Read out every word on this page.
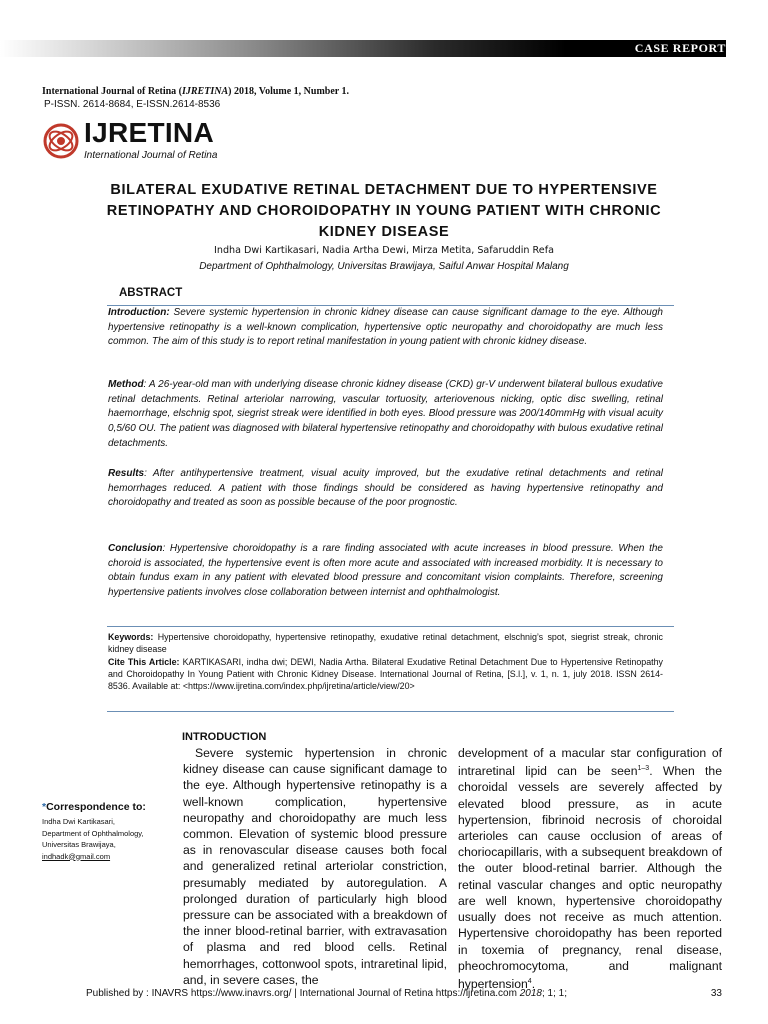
CASE REPORT
International Journal of Retina (IJRETINA) 2018, Volume 1, Number 1.
P-ISSN. 2614-8684, E-ISSN.2614-8536
IJRETINA
International Journal of Retina
BILATERAL EXUDATIVE RETINAL DETACHMENT DUE TO HYPERTENSIVE RETINOPATHY AND CHOROIDOPATHY IN YOUNG PATIENT WITH CHRONIC KIDNEY DISEASE
Indha Dwi Kartikasari, Nadia Artha Dewi, Mirza Metita, Safaruddin Refa
Department of Ophthalmology, Universitas Brawijaya, Saiful Anwar Hospital Malang
ABSTRACT
Introduction: Severe systemic hypertension in chronic kidney disease can cause significant damage to the eye. Although hypertensive retinopathy is a well-known complication, hypertensive optic neuropathy and choroidopathy are much less common. The aim of this study is to report retinal manifestation in young patient with chronic kidney disease.
Method: A 26-year-old man with underlying disease chronic kidney disease (CKD) gr-V underwent bilateral bullous exudative retinal detachments. Retinal arteriolar narrowing, vascular tortuosity, arteriovenous nicking, optic disc swelling, retinal haemorrhage, elschnig spot, siegrist streak were identified in both eyes. Blood pressure was 200/140mmHg with visual acuity 0,5/60 OU. The patient was diagnosed with bilateral hypertensive retinopathy and choroidopathy with bulous exudative retinal detachments.
Results: After antihypertensive treatment, visual acuity improved, but the exudative retinal detachments and retinal hemorrhages reduced. A patient with those findings should be considered as having hypertensive retinopathy and choroidopathy and treated as soon as possible because of the poor prognostic.
Conclusion: Hypertensive choroidopathy is a rare finding associated with acute increases in blood pressure. When the choroid is associated, the hypertensive event is often more acute and associated with increased morbidity. It is necessary to obtain fundus exam in any patient with elevated blood pressure and concomitant vision complaints. Therefore, screening hypertensive patients involves close collaboration between internist and ophthalmologist.
Keywords: Hypertensive choroidopathy, hypertensive retinopathy, exudative retinal detachment, elschnig’s spot, siegrist streak, chronic kidney disease
Cite This Article: KARTIKASARI, indha dwi; DEWI, Nadia Artha. Bilateral Exudative Retinal Detachment Due to Hypertensive Retinopathy and Choroidopathy In Young Patient with Chronic Kidney Disease. International Journal of Retina, [S.l.], v. 1, n. 1, july 2018. ISSN 2614-8536. Available at: <https://www.ijretina.com/index.php/ijretina/article/view/20>
*Correspondence to:
Indha Dwi Kartikasari,
Department of Ophthalmology,
Universitas Brawijaya,
indhadk@gmail.com
INTRODUCTION
Severe systemic hypertension in chronic kidney disease can cause significant damage to the eye. Although hypertensive retinopathy is a well-known complication, hypertensive neuropathy and choroidopathy are much less common. Elevation of systemic blood pressure as in renovascular disease causes both focal and generalized retinal arteriolar constriction, presumably mediated by autoregulation. A prolonged duration of particularly high blood pressure can be associated with a breakdown of the inner blood-retinal barrier, with extravasation of plasma and red blood cells. Retinal hemorrhages, cottonwool spots, intraretinal lipid, and, in severe cases, the
development of a macular star configuration of intraretinal lipid can be seen$^{1-3}$. When the choroidal vessels are severely affected by elevated blood pressure, as in acute hypertension, fibrinoid necrosis of choroidal arterioles can cause occlusion of areas of choriocapillaris, with a subsequent breakdown of the outer blood-retinal barrier. Although the retinal vascular changes and optic neuropathy are well known, hypertensive choroidopathy usually does not receive as much attention. Hypertensive choroidopathy has been reported in toxemia of pregnancy, renal disease, pheochromocytoma, and malignant hypertension$^4$.
Published by : INAVRS https://www.inavrs.org/ | International Journal of Retina https://ijretina.com 2018; 1; 1;	33
